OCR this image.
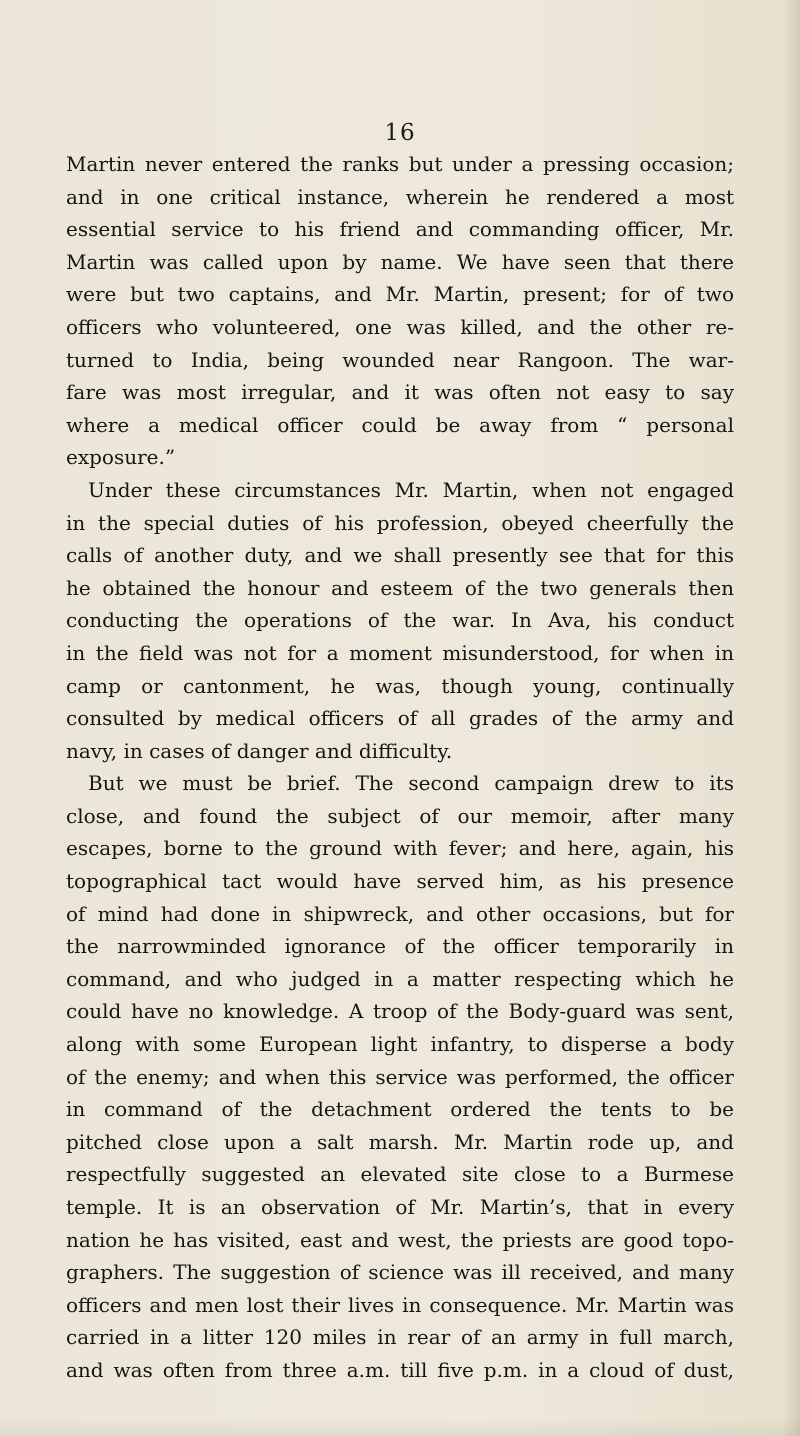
16
Martin never entered the ranks but under a pressing occasion;
and in one critical instance, wherein he rendered a most
essential service to his friend and commanding officer, Mr.
Martin was called upon by name. We have seen that there
were but two captains, and Mr. Martin, present; for of two
officers who volunteered, one was killed, and the other re-
turned to India, being wounded near Rangoon. The war-
fare was most irregular, and it was often not easy to say
where a medical officer could be away from “ personal
exposure.”
Under these circumstances Mr. Martin, when not engaged
in the special duties of his profession, obeyed cheerfully the
calls of another duty, and we shall presently see that for this
he obtained the honour and esteem of the two generals then
conducting the operations of the war. In Ava, his conduct
in the field was not for a moment misunderstood, for when in
camp or cantonment, he was, though young, continually
consulted by medical officers of all grades of the army and
navy, in cases of danger and difficulty.
But we must be brief. The second campaign drew to its
close, and found the subject of our memoir, after many
escapes, borne to the ground with fever; and here, again, his
topographical tact would have served him, as his presence
of mind had done in shipwreck, and other occasions, but for
the narrowminded ignorance of the officer temporarily in
command, and who judged in a matter respecting which he
could have no knowledge. A troop of the Body-guard was sent,
along with some European light infantry, to disperse a body
of the enemy; and when this service was performed, the officer
in command of the detachment ordered the tents to be
pitched close upon a salt marsh. Mr. Martin rode up, and
respectfully suggested an elevated site close to a Burmese
temple. It is an observation of Mr. Martin’s, that in every
nation he has visited, east and west, the priests are good topo-
graphers. The suggestion of science was ill received, and many
officers and men lost their lives in consequence. Mr. Martin was
carried in a litter 120 miles in rear of an army in full march,
and was often from three a.m. till five p.m. in a cloud of dust,
